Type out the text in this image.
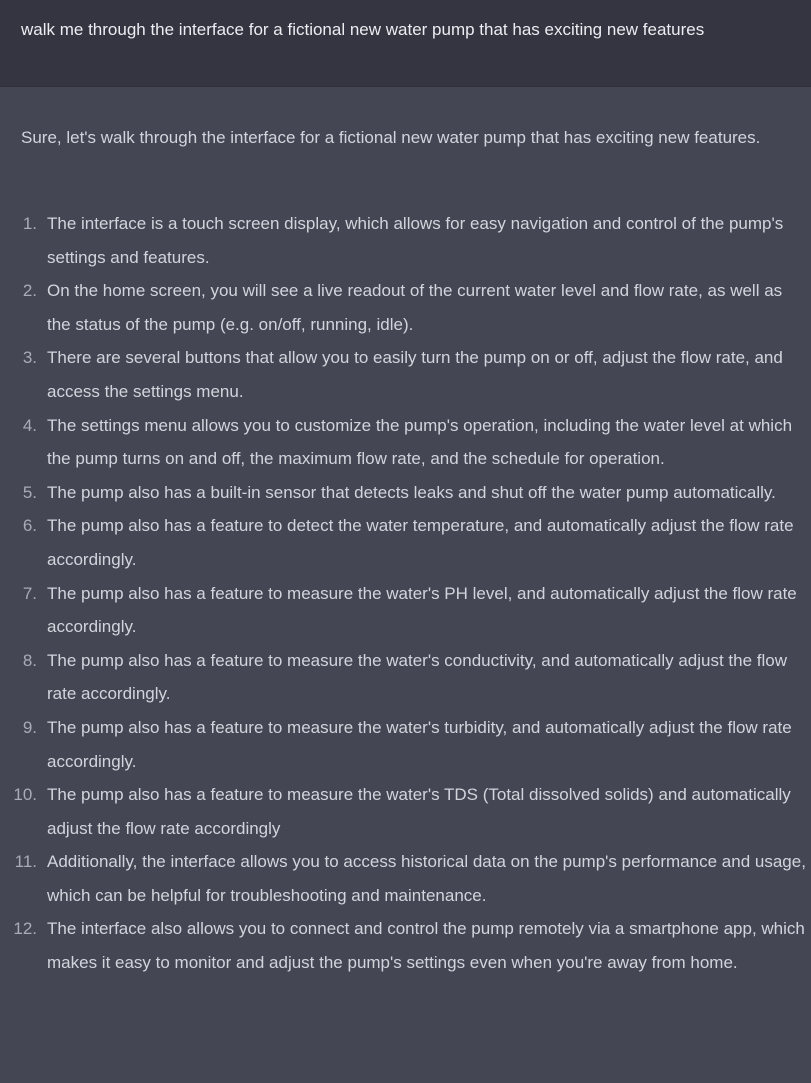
walk me through the interface for a fictional new water pump that has exciting new features
Sure, let's walk through the interface for a fictional new water pump that has exciting new features.
1. The interface is a touch screen display, which allows for easy navigation and control of the pump's settings and features.
2. On the home screen, you will see a live readout of the current water level and flow rate, as well as the status of the pump (e.g. on/off, running, idle).
3. There are several buttons that allow you to easily turn the pump on or off, adjust the flow rate, and access the settings menu.
4. The settings menu allows you to customize the pump's operation, including the water level at which the pump turns on and off, the maximum flow rate, and the schedule for operation.
5. The pump also has a built-in sensor that detects leaks and shut off the water pump automatically.
6. The pump also has a feature to detect the water temperature, and automatically adjust the flow rate accordingly.
7. The pump also has a feature to measure the water's PH level, and automatically adjust the flow rate accordingly.
8. The pump also has a feature to measure the water's conductivity, and automatically adjust the flow rate accordingly.
9. The pump also has a feature to measure the water's turbidity, and automatically adjust the flow rate accordingly.
10. The pump also has a feature to measure the water's TDS (Total dissolved solids) and automatically adjust the flow rate accordingly
11. Additionally, the interface allows you to access historical data on the pump's performance and usage, which can be helpful for troubleshooting and maintenance.
12. The interface also allows you to connect and control the pump remotely via a smartphone app, which makes it easy to monitor and adjust the pump's settings even when you're away from home.
